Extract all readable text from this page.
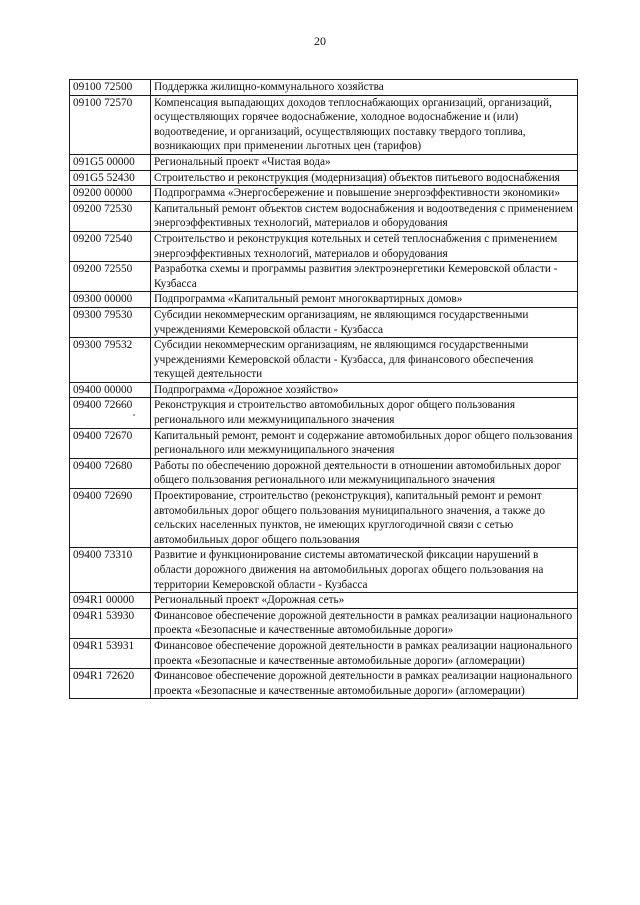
20
09100 72500	Поддержка жилищно-коммунального хозяйства
09100 72570	Компенсация выпадающих доходов теплоснабжающих организаций, организаций, осуществляющих горячее водоснабжение, холодное водоснабжение и (или) водоотведение, и организаций, осуществляющих поставку твердого топлива, возникающих при применении льготных цен (тарифов)
091G5 00000	Региональный проект «Чистая вода»
091G5 52430	Строительство и реконструкция (модернизация) объектов питьевого водоснабжения
09200 00000	Подпрограмма «Энергосбережение и повышение энергоэффективности экономики»
09200 72530	Капитальный ремонт объектов систем водоснабжения и водоотведения с применением энергоэффективных технологий, материалов и оборудования
09200 72540	Строительство и реконструкция котельных и сетей теплоснабжения с применением энергоэффективных технологий, материалов и оборудования
09200 72550	Разработка схемы и программы развития электроэнергетики Кемеровской области - Кузбасса
09300 00000	Подпрограмма «Капитальный ремонт многоквартирных домов»
09300 79530	Субсидии некоммерческим организациям, не являющимся государственными учреждениями Кемеровской области - Кузбасса
09300 79532	Субсидии некоммерческим организациям, не являющимся государственными учреждениями Кемеровской области - Кузбасса, для финансового обеспечения текущей деятельности
09400 00000	Подпрограмма «Дорожное хозяйство»
09400 72660	Реконструкция и строительство автомобильных дорог общего пользования регионального или межмуниципального значения
09400 72670	Капитальный ремонт, ремонт и содержание автомобильных дорог общего пользования регионального или межмуниципального значения
09400 72680	Работы по обеспечению дорожной деятельности в отношении автомобильных дорог общего пользования регионального или межмуниципального значения
09400 72690	Проектирование, строительство (реконструкция), капитальный ремонт и ремонт автомобильных дорог общего пользования муниципального значения, а также до сельских населенных пунктов, не имеющих круглогодичной связи с сетью автомобильных дорог общего пользования
09400 73310	Развитие и функционирование системы автоматической фиксации нарушений в области дорожного движения на автомобильных дорогах общего пользования на территории Кемеровской области - Кузбасса
094R1 00000	Региональный проект «Дорожная сеть»
094R1 53930	Финансовое обеспечение дорожной деятельности в рамках реализации национального проекта «Безопасные и качественные автомобильные дороги»
094R1 53931	Финансовое обеспечение дорожной деятельности в рамках реализации национального проекта «Безопасные и качественные автомобильные дороги» (агломерации)
094R1 72620	Финансовое обеспечение дорожной деятельности в рамках реализации национального проекта «Безопасные и качественные автомобильные дороги» (агломерации)
